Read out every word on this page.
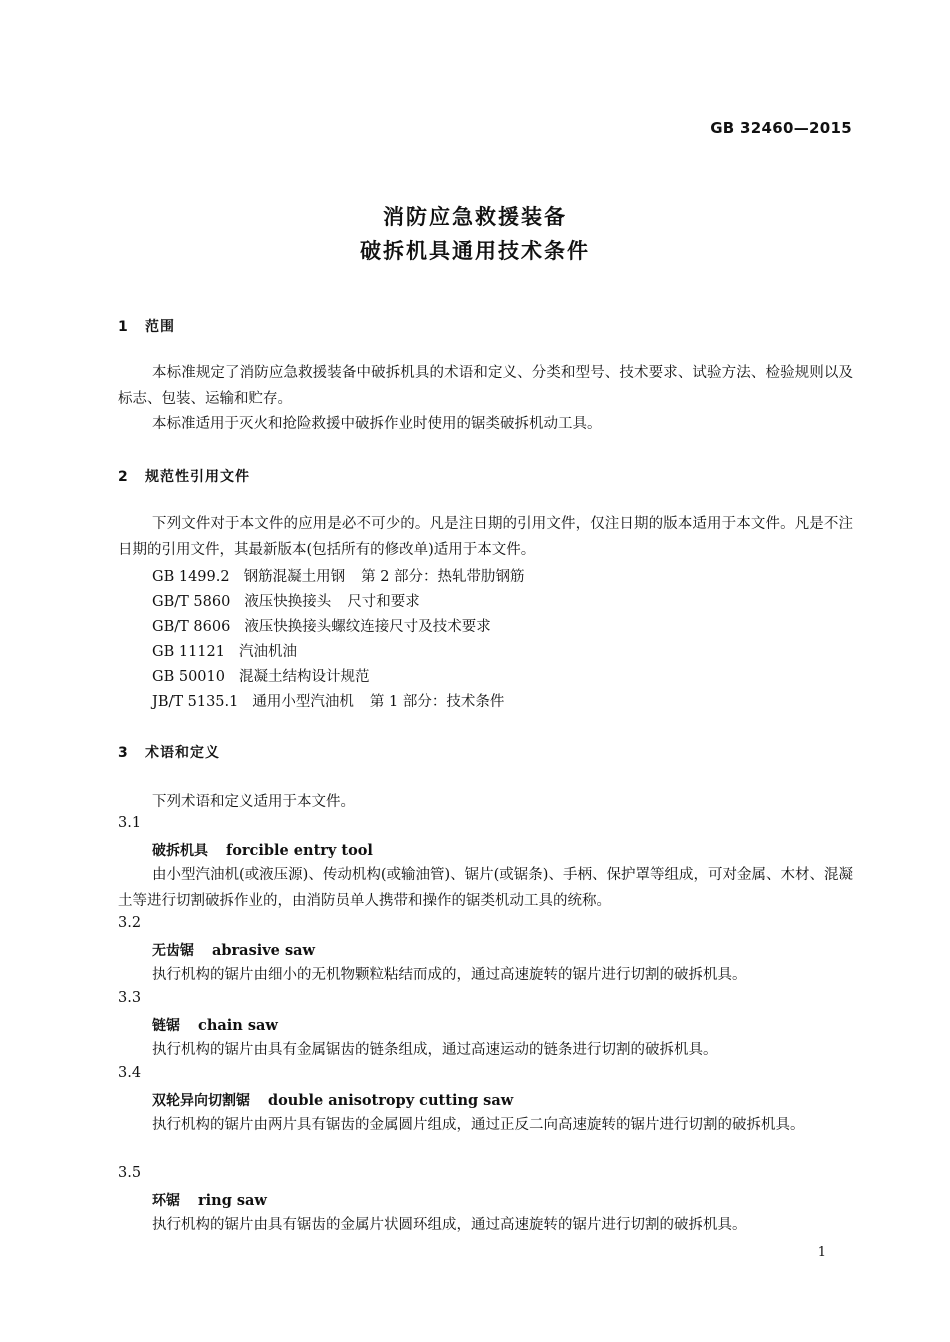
GB 32460—2015
消防应急救援装备
破拆机具通用技术条件
1 范围
本标准规定了消防应急救援装备中破拆机具的术语和定义、分类和型号、技术要求、试验方法、检验规则以及标志、包装、运输和贮存。
本标准适用于灭火和抢险救援中破拆作业时使用的锯类破拆机动工具。
2 规范性引用文件
下列文件对于本文件的应用是必不可少的。凡是注日期的引用文件，仅注日期的版本适用于本文件。凡是不注日期的引用文件，其最新版本(包括所有的修改单)适用于本文件。
GB 1499.2 钢筋混凝土用钢 第 2 部分：热轧带肋钢筋
GB/T 5860 液压快换接头 尺寸和要求
GB/T 8606 液压快换接头螺纹连接尺寸及技术要求
GB 11121 汽油机油
GB 50010 混凝土结构设计规范
JB/T 5135.1 通用小型汽油机 第 1 部分：技术条件
3 术语和定义
下列术语和定义适用于本文件。
3.1
破拆机具 forcible entry tool
由小型汽油机(或液压源)、传动机构(或输油管)、锯片(或锯条)、手柄、保护罩等组成，可对金属、木材、混凝土等进行切割破拆作业的，由消防员单人携带和操作的锯类机动工具的统称。
3.2
无齿锯 abrasive saw
执行机构的锯片由细小的无机物颗粒粘结而成的，通过高速旋转的锯片进行切割的破拆机具。
3.3
链锯 chain saw
执行机构的锯片由具有金属锯齿的链条组成，通过高速运动的链条进行切割的破拆机具。
3.4
双轮异向切割锯 double anisotropy cutting saw
执行机构的锯片由两片具有锯齿的金属圆片组成，通过正反二向高速旋转的锯片进行切割的破拆机具。
3.5
环锯 ring saw
执行机构的锯片由具有锯齿的金属片状圆环组成，通过高速旋转的锯片进行切割的破拆机具。
1
